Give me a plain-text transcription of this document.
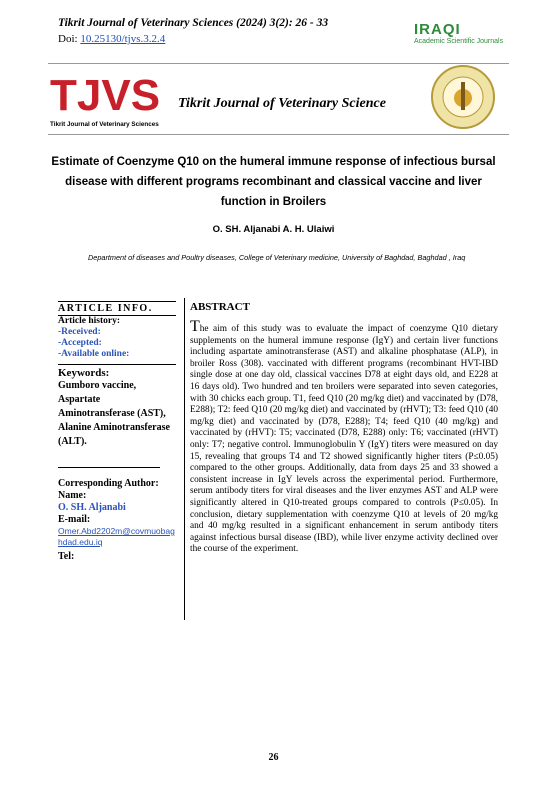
Tikrit Journal of Veterinary Sciences (2024) 3(2): 26 - 33
Doi: 10.25130/tjvs.3.2.4
IRAQI
Academic Scientific Journals
TJVS
Tikrit Journal of Veterinary Sciences
Tikrit Journal of Veterinary Science
Estimate of Coenzyme Q10 on the humeral immune response of infectious bursal disease with different programs recombinant and classical vaccine and liver function in Broilers
O. SH. Aljanabi A. H. Ulaiwi
Department of diseases and Poultry diseases, College of Veterinary medicine, University of Baghdad, Baghdad , Iraq
ARTICLE INFO.
Article history:
-Received:
-Accepted:
-Available online:
Keywords:
Gumboro vaccine, Aspartate Aminotransferase (AST), Alanine Aminotransferase (ALT).
Corresponding Author:
Name:
O. SH. Aljanabi
E-mail:
Omer.Abd2202m@covmuobaghdad.edu.iq
Tel:
ABSTRACT
The aim of this study was to evaluate the impact of coenzyme Q10 dietary supplements on the humeral immune response (IgY) and certain liver functions including aspartate aminotransferase (AST) and alkaline phosphatase (ALP), in broiler Ross (308). vaccinated with different programs (recombinant HVT-IBD single dose at one day old, classical vaccines D78 at eight days old, and E228 at 16 days old). Two hundred and ten broilers were separated into seven categories, with 30 chicks each group. T1, feed Q10 (20 mg/kg diet) and vaccinated by (D78, E288); T2: feed Q10 (20 mg/kg diet) and vaccinated by (rHVT); T3: feed Q10 (40 mg/kg diet) and vaccinated by (D78, E288); T4; feed Q10 (40 mg/kg) and vaccinated by (rHVT): T5; vaccinated (D78, E288) only: T6; vaccinated (rHVT) only: T7; negative control. Immunoglobulin Y (IgY) titers were measured on day 15, revealing that groups T4 and T2 showed significantly higher titers (P≤0.05) compared to the other groups. Additionally, data from days 25 and 33 showed a consistent increase in IgY levels across the experimental period. Furthermore, serum antibody titers for viral diseases and the liver enzymes AST and ALP were significantly altered in Q10-treated groups compared to controls (P≤0.05). In conclusion, dietary supplementation with coenzyme Q10 at levels of 20 mg/kg and 40 mg/kg resulted in a significant enhancement in serum antibody titers against infectious bursal disease (IBD), while liver enzyme activity declined over the course of the experiment.
26
